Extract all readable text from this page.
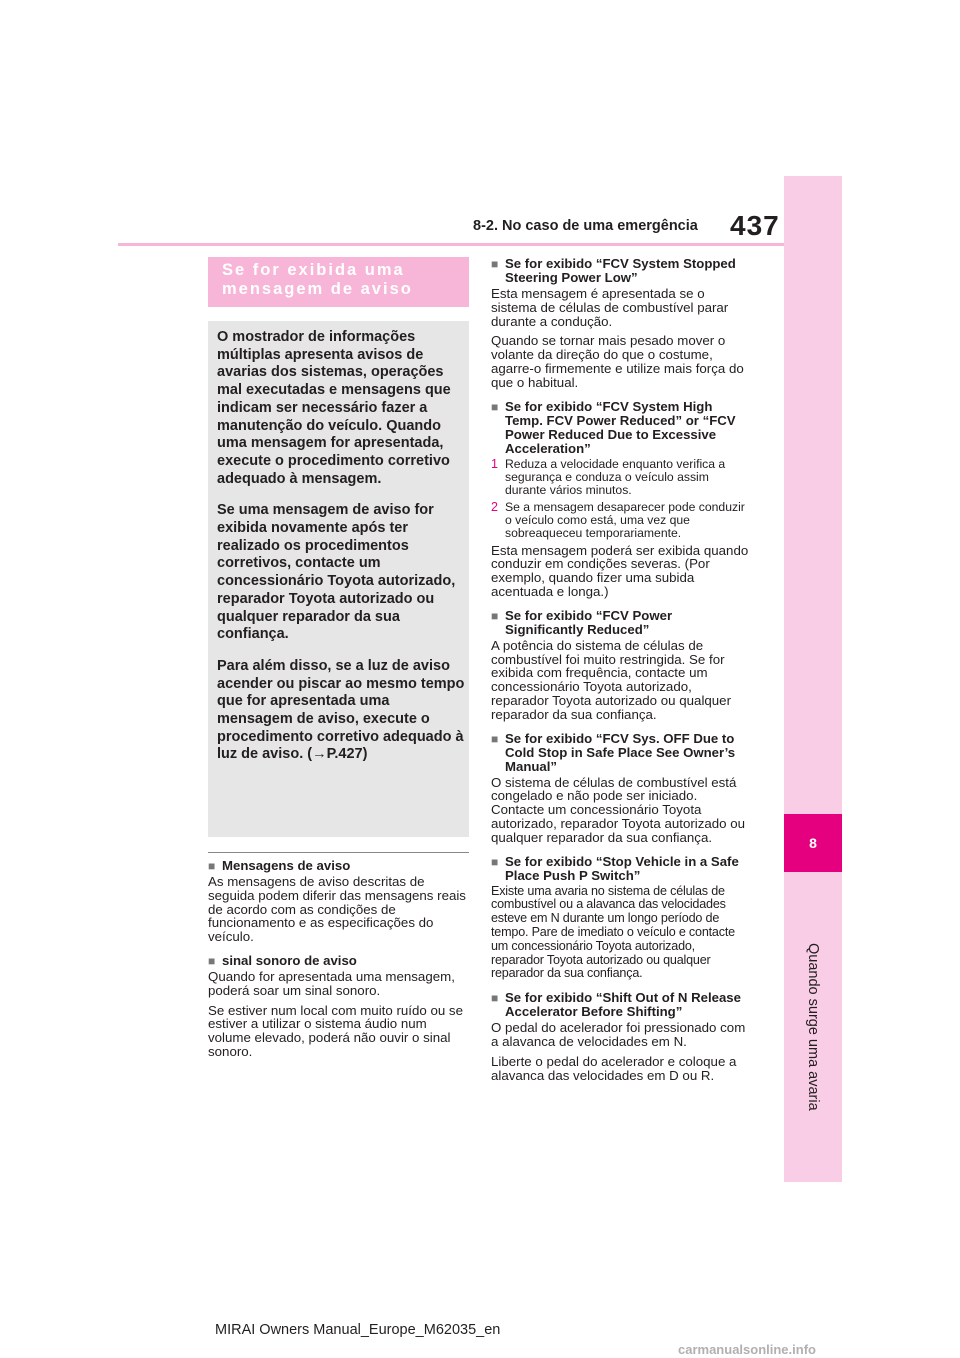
8-2. No caso de uma emergência 437
8
Quando surge uma avaria
Se for exibida uma mensagem de aviso

O mostrador de informações múltiplas apresenta avisos de avarias dos sistemas, operações mal executadas e mensagens que indicam ser necessário fazer a manutenção do veículo. Quando uma mensagem for apresentada, execute o procedimento corretivo adequado à mensagem.

Se uma mensagem de aviso for exibida novamente após ter realizado os procedimentos corretivos, contacte um concessionário Toyota autorizado, reparador Toyota autorizado ou qualquer reparador da sua confiança.

Para além disso, se a luz de aviso acender ou piscar ao mesmo tempo que for apresentada uma mensagem de aviso, execute o procedimento corretivo adequado à luz de aviso. (→P.427)

■ Mensagens de aviso

As mensagens de aviso descritas de seguida podem diferir das mensagens reais de acordo com as condições de funcionamento e as especificações do veículo.

■ sinal sonoro de aviso

Quando for apresentada uma mensagem, poderá soar um sinal sonoro.

Se estiver num local com muito ruído ou se estiver a utilizar o sistema áudio num volume elevado, poderá não ouvir o sinal sonoro.

■ Se for exibido “FCV System Stopped Steering Power Low”

Esta mensagem é apresentada se o sistema de células de combustível parar durante a condução.

Quando se tornar mais pesado mover o volante da direção do que o costume, agarre-o firmemente e utilize mais força do que o habitual.

■ Se for exibido “FCV System High Temp. FCV Power Reduced” or “FCV Power Reduced Due to Excessive Acceleration”

1 Reduza a velocidade enquanto verifica a segurança e conduza o veículo assim durante vários minutos.
2 Se a mensagem desaparecer pode conduzir o veículo como está, uma vez que sobreaqueceu temporariamente.

Esta mensagem poderá ser exibida quando conduzir em condições severas. (Por exemplo, quando fizer uma subida acentuada e longa.)

■ Se for exibido “FCV Power Significantly Reduced”

A potência do sistema de células de combustível foi muito restringida. Se for exibida com frequência, contacte um concessionário Toyota autorizado, reparador Toyota autorizado ou qualquer reparador da sua confiança.

■ Se for exibido “FCV Sys. OFF Due to Cold Stop in Safe Place See Owner’s Manual”

O sistema de células de combustível está congelado e não pode ser iniciado. Contacte um concessionário Toyota autorizado, reparador Toyota autorizado ou qualquer reparador da sua confiança.

■ Se for exibido “Stop Vehicle in a Safe Place Push P Switch”

Existe uma avaria no sistema de células de combustível ou a alavanca das velocidades esteve em N durante um longo período de tempo. Pare de imediato o veículo e contacte um concessionário Toyota autorizado, reparador Toyota autorizado ou qualquer reparador da sua confiança.

■ Se for exibido “Shift Out of N Release Accelerator Before Shifting”

O pedal do acelerador foi pressionado com a alavanca de velocidades em N.

Liberte o pedal do acelerador e coloque a alavanca das velocidades em D ou R.

MIRAI Owners Manual_Europe_M62035_en
carmanualsonline.info
